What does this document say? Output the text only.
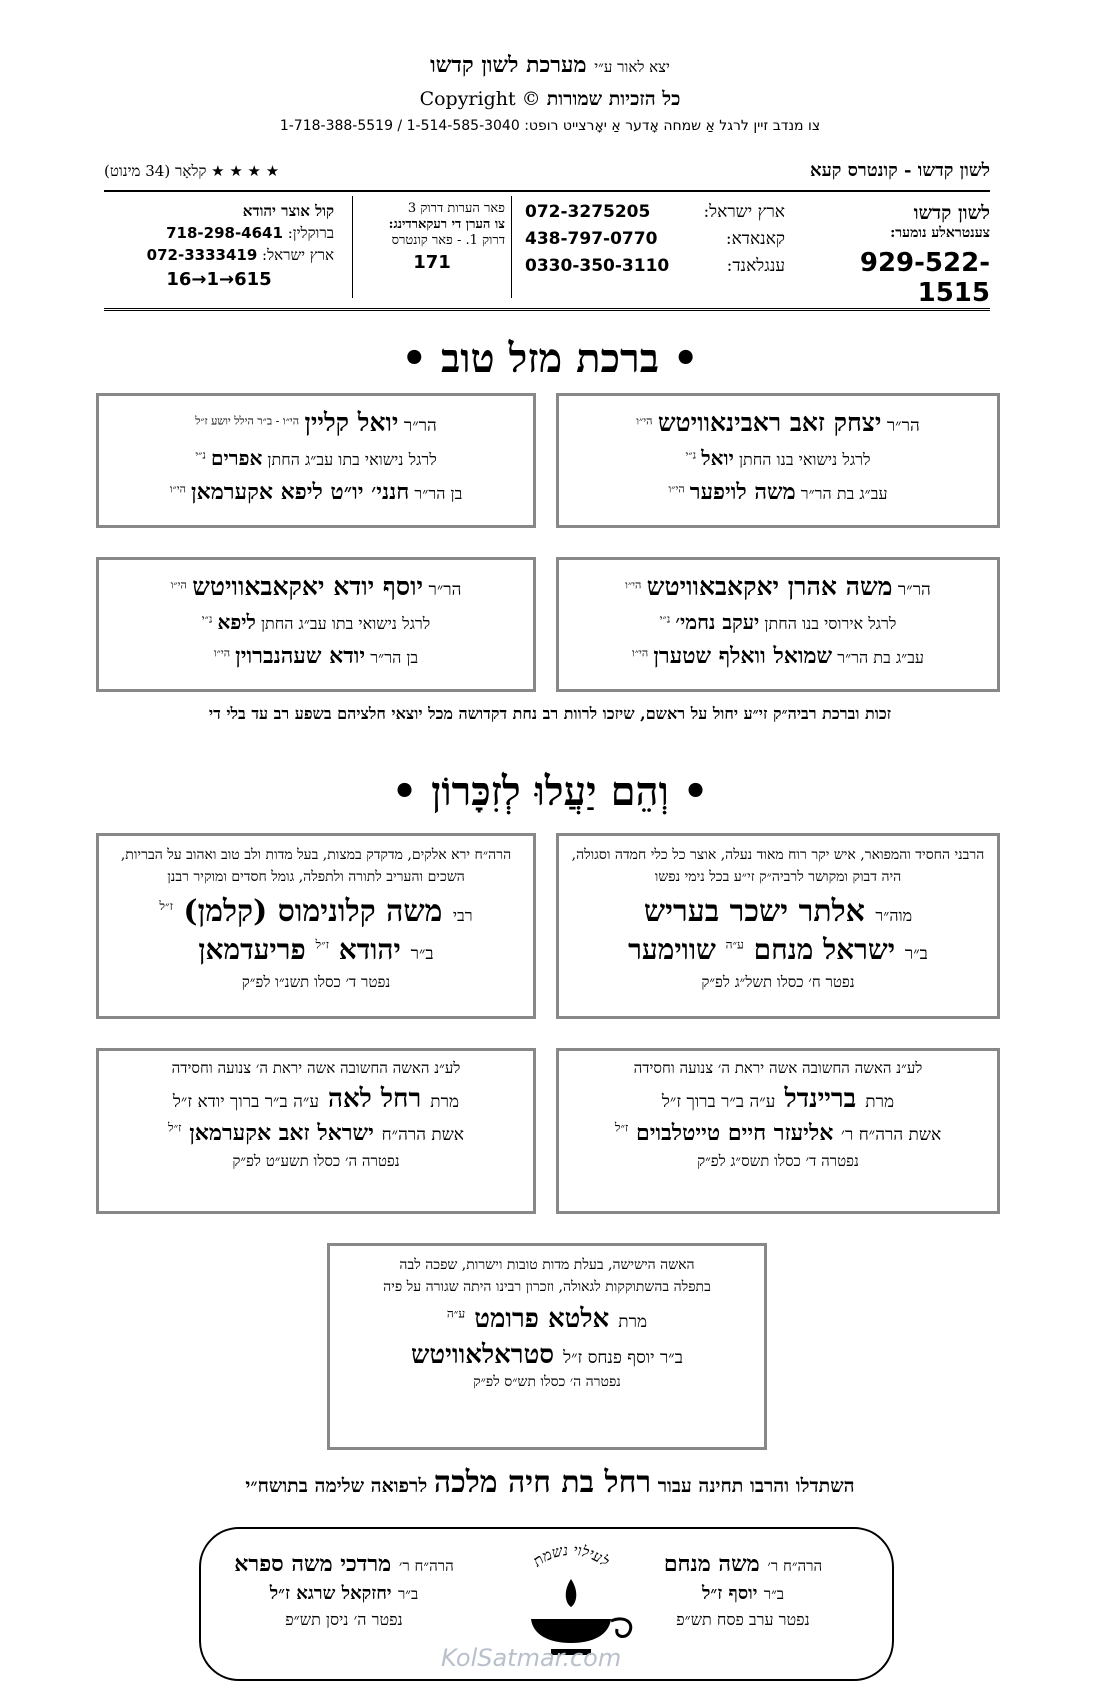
יצא לאור ע״י מערכת לשון קדשו
כל הזכיות שמורות Copyright ©
צו מנדב זיין לרגל אַ שמחה אָדער אַ יאָרצייט רופט: 1-514-585-3040 / 1-718-388-5519
לשון קדשו - קונטרס קעא
★ ★ ★ ★ קלאָר (34 מינוט)
לשון קדשו
צענטראלע נומער:
929-522-1515
ארץ ישראל:
072-3275205
קאנאדא:
438-797-0770
ענגלאנד:
0330-350-3110
פאר הערות דרוק 3
צו הערן די רעקארדינג:
דרוק 1. - פאר קונטרס
171
קול אוצר יהודא
ברוקלין: 718-298-4641
ארץ ישראל: 072-3333419
16→1→615
• ברכת מזל טוב •
הר״ר יצחק זאב ראבינאוויטש $^{הי״ו}$
לרגל נישואי בנו החתן יואל $^{נ״י}$
עב״ג בת הר״ר משה לויפער $^{הי״ו}$
הר״ר יואל קליין $^{הי״ו - ב״ר הילל יושע ז״ל}$
לרגל נישואי בתו עב״ג החתן אפרים $^{נ״י}$
בן הר״ר חנני׳ יו״ט ליפא אקערמאן $^{הי״ו}$
הר״ר משה אהרן יאקאבאוויטש $^{הי״ו}$
לרגל אירוסי בנו החתן יעקב נחמי׳ $^{נ״י}$
עב״ג בת הר״ר שמואל וואלף שטערן $^{הי״ו}$
הר״ר יוסף יודא יאקאבאוויטש $^{הי״ו}$
לרגל נישואי בתו עב״ג החתן ליפא $^{נ״י}$
בן הר״ר יודא שעהנברוין $^{הי״ו}$
זכות וברכת רביה״ק זי״ע יחול על ראשם, שיזכו לרוות רב נחת דקדושה מכל יוצאי חלציהם בשפע רב עד בלי די
• וְהֵם יַעֲלוּ לְזִכָּרוֹן •
הרבני החסיד והמפואר, איש יקר רוח מאוד נעלה, אוצר כל כלי חמדה וסגולה, היה דבוק ומקושר לרביה״ק זי״ע בכל נימי נפשו
מוה״ר אלתר ישכר בעריש
ב״ר ישראל מנחם $^{ע״ה}$ שווימער
נפטר ח׳ כסלו תשל״ג לפ״ק
הרה״ח ירא אלקים, מדקדק במצות, בעל מדות ולב טוב ואהוב על הבריות, השכים והעריב לתורה ולתפלה, גומל חסדים ומוקיר רבנן
רבי משה קלונימוס (קלמן) $^{ז״ל}$
ב״ר יהודא $^{ז״ל}$ פריעדמאן
נפטר ד׳ כסלו תשנ״ו לפ״ק
לע״נ האשה החשובה אשה יראת ה׳ צנועה וחסידה
מרת ברײנדל ע״ה ב״ר ברוך ז״ל
אשת הרה״ח ר׳ אליעזר חיים טייטלבוים $^{ז״ל}$
נפטרה ד׳ כסלו תשס״ג לפ״ק
לע״נ האשה החשובה אשה יראת ה׳ צנועה וחסידה
מרת רחל לאה ע״ה ב״ר ברוך יודא ז״ל
אשת הרה״ח ישראל זאב אקערמאן $^{ז״ל}$
נפטרה ה׳ כסלו תשע״ט לפ״ק
האשה הישישה, בעלת מדות טובות וישרות, שפכה לבה
בתפלה בהשתוקקות לגאולה, וזכרון רבינו היתה שגורה על פיה
מרת אלטא פרומט $^{ע״ה}$
ב״ר יוסף פנחס ז״ל סטראלאוויטש
נפטרה ה׳ כסלו תש״ס לפ״ק
השתדלו והרבו תחינה עבור רחל בת חיה מלכה לרפואה שלימה בתושח״י
הרה״ח ר׳ משה מנחם
ב״ר יוסף ז״ל
נפטר ערב פסח תש״פ
לעילוי נשמת
KolSatmar.com
הרה״ח ר׳ מרדכי משה ספרא
ב״ר יחזקאל שרגא ז״ל
נפטר ה׳ ניסן תש״פ
